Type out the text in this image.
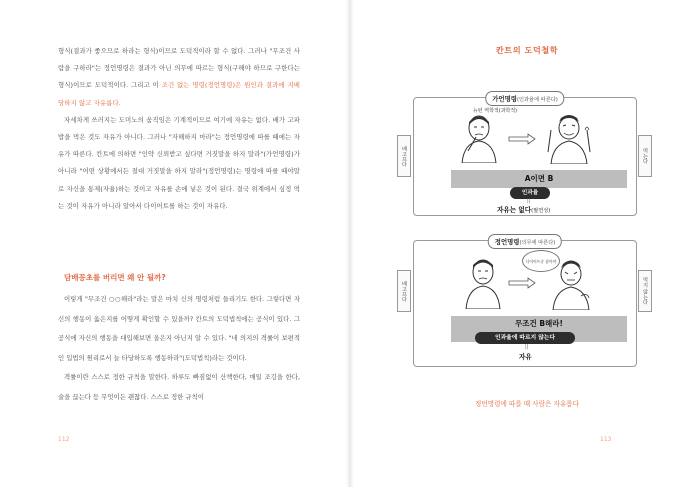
형식(결과가 좋으므로 하라는 형식)이므로 도덕적이라 할 수 없다. 그러나 "무조건 사람을 구하라"는 정언명령은 결과가 아닌 의무에 따르는 형식(구해야 하므로 구한다는 형식)이므로 도덕적이다. 그리고 이 조건 없는 명령(정언명령)은 원인과 결과에 지배당하지 않고 자유롭다.

자세차게 쓰러지는 도미노의 움직임은 기계적이므로 여기에 자유는 없다. 배가 고파 밥을 먹은 것도 자유가 아니다. 그러나 "자해하지 마라"는 정언명령에 따를 때에는 자유가 따른다. 칸트에 의하면 "인약 신뢰받고 싶다면 거짓말을 하지 말라"(가언명령)가 아니라 "어떤 상황에서든 절대 거짓말을 하지 말라"(정언명령)는 명령에 따를 때야말로 자신을 통제(자율)하는 것이고 자유를 손에 넣은 것이 된다. 결국 위계에서 심정 먹는 것이 자유가 아니라 알아서 다이어트를 하는 것이 자유다.

담배꽁초를 버리면 왜 안 될까?

이렇게 "무조건 ○○해라"라는 말은 마치 신의 명령처럼 들리기도 한다. 그렇다면 자신의 행동이 옳은지를 어떻게 확인할 수 있을까? 칸트의 도덕법칙에는 공식이 있다. 그 공식에 자신의 행동을 대입해보면 올은지 아닌지 알 수 있다. "네 의지의 격률이 보편적인 입법의 원리로서 늘 타당하도록 행동하라"(도덕법칙)라는 것이다.

격률이란 스스로 정한 규칙을 말한다. 하루도 빠짐없이 산책한다, 매일 조깅을 한다, 술을 끊는다 등 무엇이든 괜찮다. 스스로 정한 규칙이

112
칸트의 도덕철학
가언명령(인과율에 따른다)
뉴턴 역학적(과학적)
배고프다	먹는다
A이면 B
인과율
||
자유는 없다(필연성)
정언명령(의무에 따른다)
다이어트중 참아야
배고프다	먹지 않는다
무조건 B해라!
인과율에 따르지 않는다
||
자유
정언명령에 따를 때 사람은 자유롭다
113
